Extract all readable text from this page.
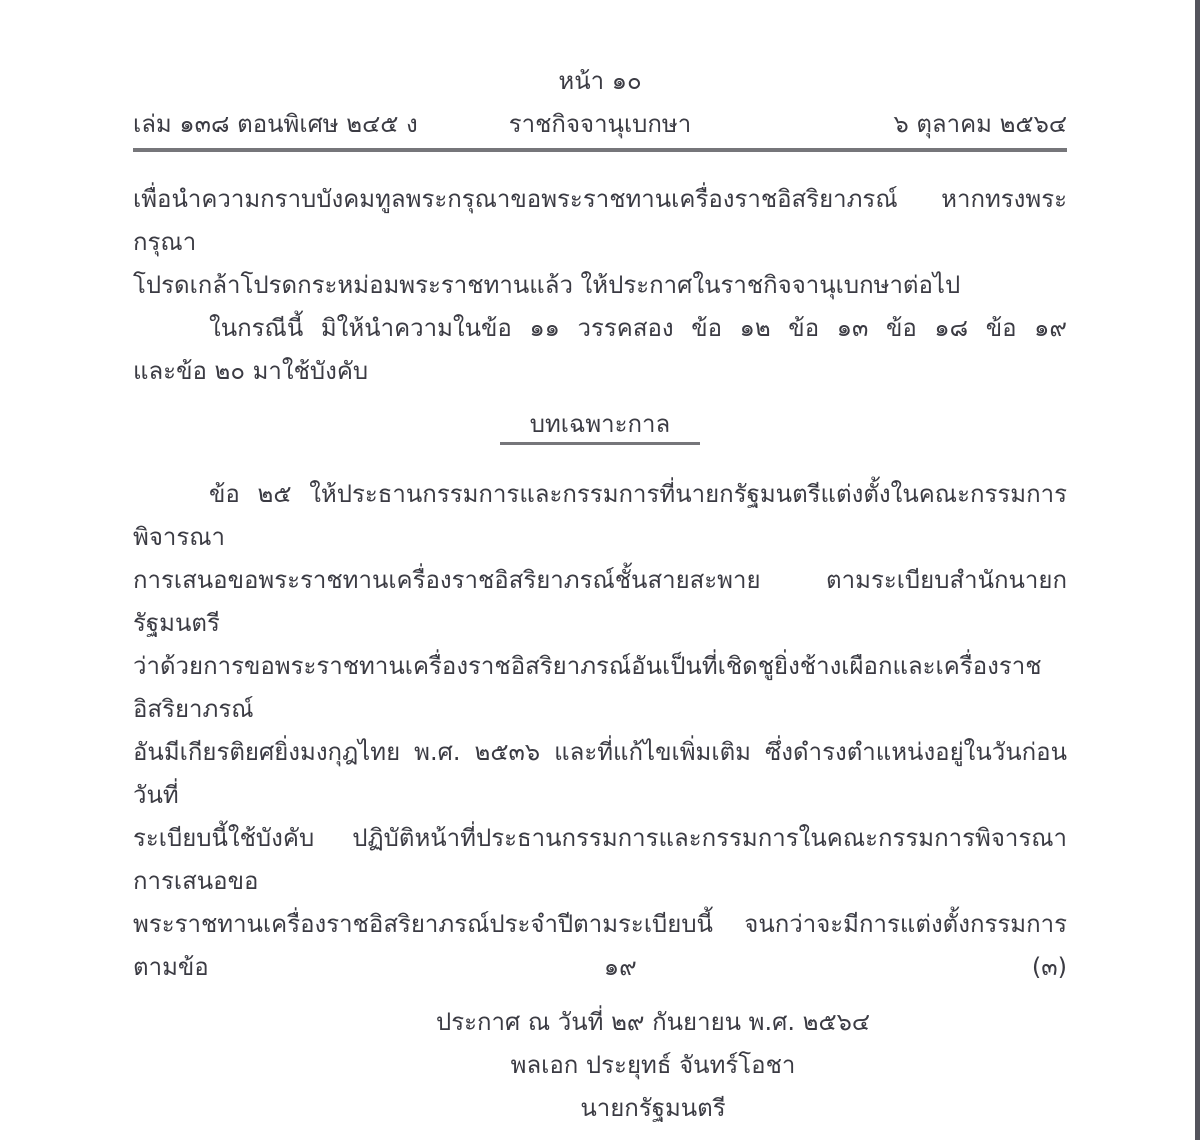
หน้า ๑๐
เล่ม ๑๓๘ ตอนพิเศษ ๒๔๕ ง	ราชกิจจานุเบกษา	๖ ตุลาคม ๒๕๖๔
เพื่อนำความกราบบังคมทูลพระกรุณาขอพระราชทานเครื่องราชอิสริยาภรณ์ หากทรงพระกรุณา
โปรดเกล้าโปรดกระหม่อมพระราชทานแล้ว ให้ประกาศในราชกิจจานุเบกษาต่อไป
ในกรณีนี้ มิให้นำความในข้อ ๑๑ วรรคสอง ข้อ ๑๒ ข้อ ๑๓ ข้อ ๑๘ ข้อ ๑๙
และข้อ ๒๐ มาใช้บังคับ
บทเฉพาะกาล
ข้อ ๒๕ ให้ประธานกรรมการและกรรมการที่นายกรัฐมนตรีแต่งตั้งในคณะกรรมการพิจารณา
การเสนอขอพระราชทานเครื่องราชอิสริยาภรณ์ชั้นสายสะพาย ตามระเบียบสำนักนายกรัฐมนตรี
ว่าด้วยการขอพระราชทานเครื่องราชอิสริยาภรณ์อันเป็นที่เชิดชูยิ่งช้างเผือกและเครื่องราชอิสริยาภรณ์
อันมีเกียรติยศยิ่งมงกุฎไทย พ.ศ. ๒๕๓๖ และที่แก้ไขเพิ่มเติม ซึ่งดำรงตำแหน่งอยู่ในวันก่อนวันที่
ระเบียบนี้ใช้บังคับ ปฏิบัติหน้าที่ประธานกรรมการและกรรมการในคณะกรรมการพิจารณาการเสนอขอ
พระราชทานเครื่องราชอิสริยาภรณ์ประจำปีตามระเบียบนี้ จนกว่าจะมีการแต่งตั้งกรรมการตามข้อ ๑๙ (๓)
ประกาศ ณ วันที่ ๒๙ กันยายน พ.ศ. ๒๕๖๔
พลเอก ประยุทธ์ จันทร์โอชา
นายกรัฐมนตรี
